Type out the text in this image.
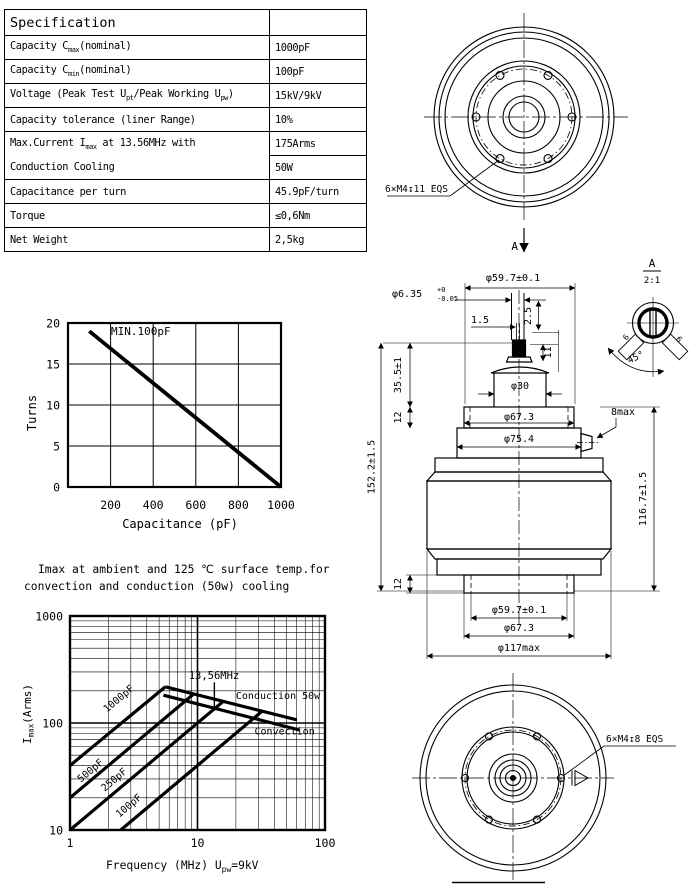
Specification	
Capacity $C_{max}(nominal)$	1000pF
Capacity $C_{min}(nominal)$	100pF
Voltage (Peak Test $U_{pt}$/Peak Working $U_{pw}$)	15kV/9kV
Capacity tolerance (liner Range)	10%
Max.Current $I_{max}$ at 13.56MHz with	175Arms
Conduction Cooling	50W
Capacitance per turn	45.9pF/turn
Torque	≤0,6Nm
Net Weight	2,5kg
MIN.100pF
Turns
Capacitance (pF)
200 400 600 800 1000
0
5
10
15
20
Imax at ambient and 125 ℃ surface temp.for
convection and conduction (50w) cooling
$I_{max}(Arms)$
Frequency (MHz) $U_{pw}=9kV$
13,56MHz
1000pF
500pF
250pF
100pF
Conduction 50w
Convection
1	10	100
10
100
1000
6×M4↧11 EQS
A
φ59.7±0.1
φ6.35 +0
-0.05
1.5	2.5
11
35.5±1
12
152.2±1.5
116.7±1.5
12
φ30
φ67.3	8max
φ75.4
φ59.7±0.1
φ67.3
φ117max
A
2:1
6	6
45°
6×M4↧8 EQS
